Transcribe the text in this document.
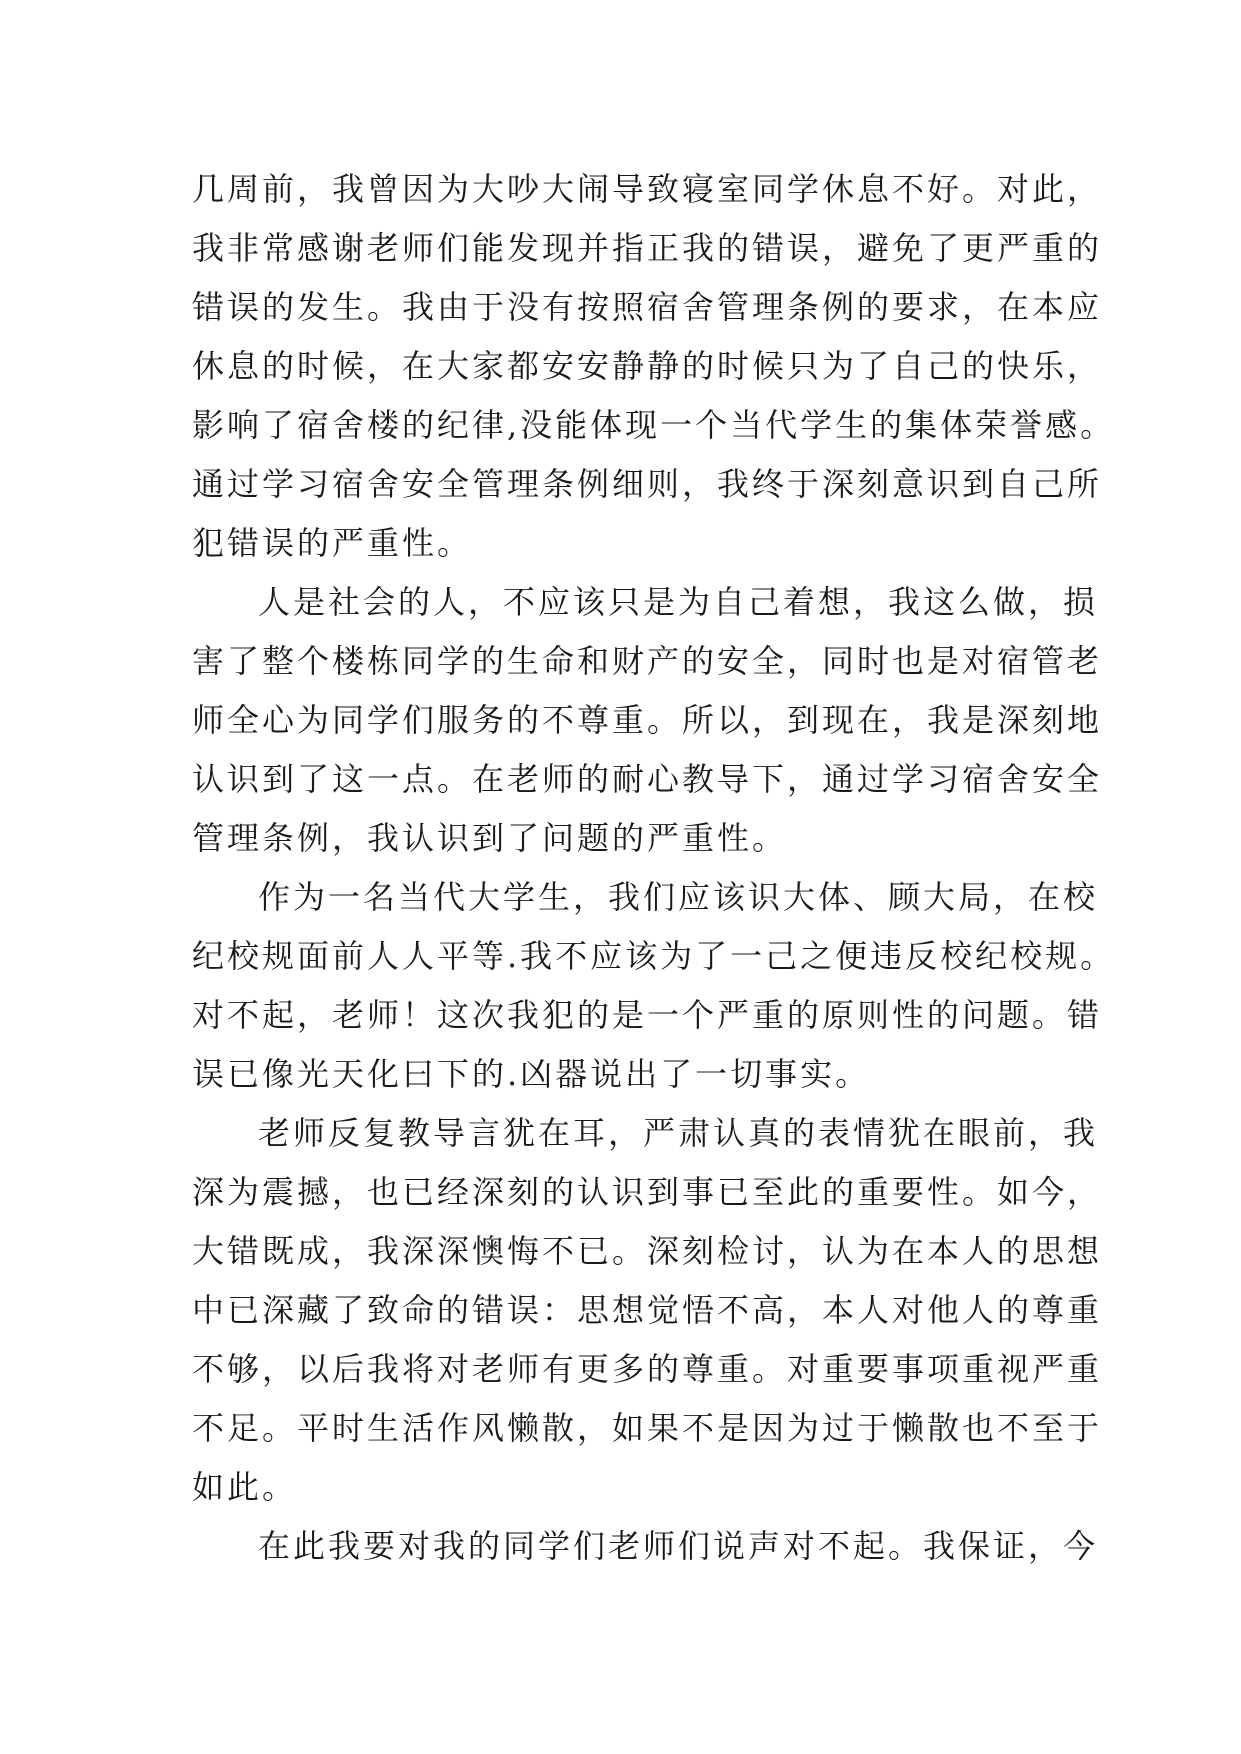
几周前，我曾因为大吵大闹导致寝室同学休息不好。对此，
我非常感谢老师们能发现并指正我的错误，避免了更严重的
错误的发生。我由于没有按照宿舍管理条例的要求，在本应
休息的时候，在大家都安安静静的时候只为了自己的快乐，
影响了宿舍楼的纪律,没能体现一个当代学生的集体荣誉感。
通过学习宿舍安全管理条例细则，我终于深刻意识到自己所
犯错误的严重性。
人是社会的人，不应该只是为自己着想，我这么做，损
害了整个楼栋同学的生命和财产的安全，同时也是对宿管老
师全心为同学们服务的不尊重。所以，到现在，我是深刻地
认识到了这一点。在老师的耐心教导下，通过学习宿舍安全
管理条例，我认识到了问题的严重性。
作为一名当代大学生，我们应该识大体、顾大局，在校
纪校规面前人人平等.我不应该为了一己之便违反校纪校规。
对不起，老师！这次我犯的是一个严重的原则性的问题。错
误已像光天化曰下的.凶器说出了一切事实。
老师反复教导言犹在耳，严肃认真的表情犹在眼前，我
深为震撼，也已经深刻的认识到事已至此的重要性。如今，
大错既成，我深深懊悔不已。深刻检讨，认为在本人的思想
中已深藏了致命的错误：思想觉悟不高，本人对他人的尊重
不够，以后我将对老师有更多的尊重。对重要事项重视严重
不足。平时生活作风懒散，如果不是因为过于懒散也不至于
如此。
在此我要对我的同学们老师们说声对不起。我保证，今
